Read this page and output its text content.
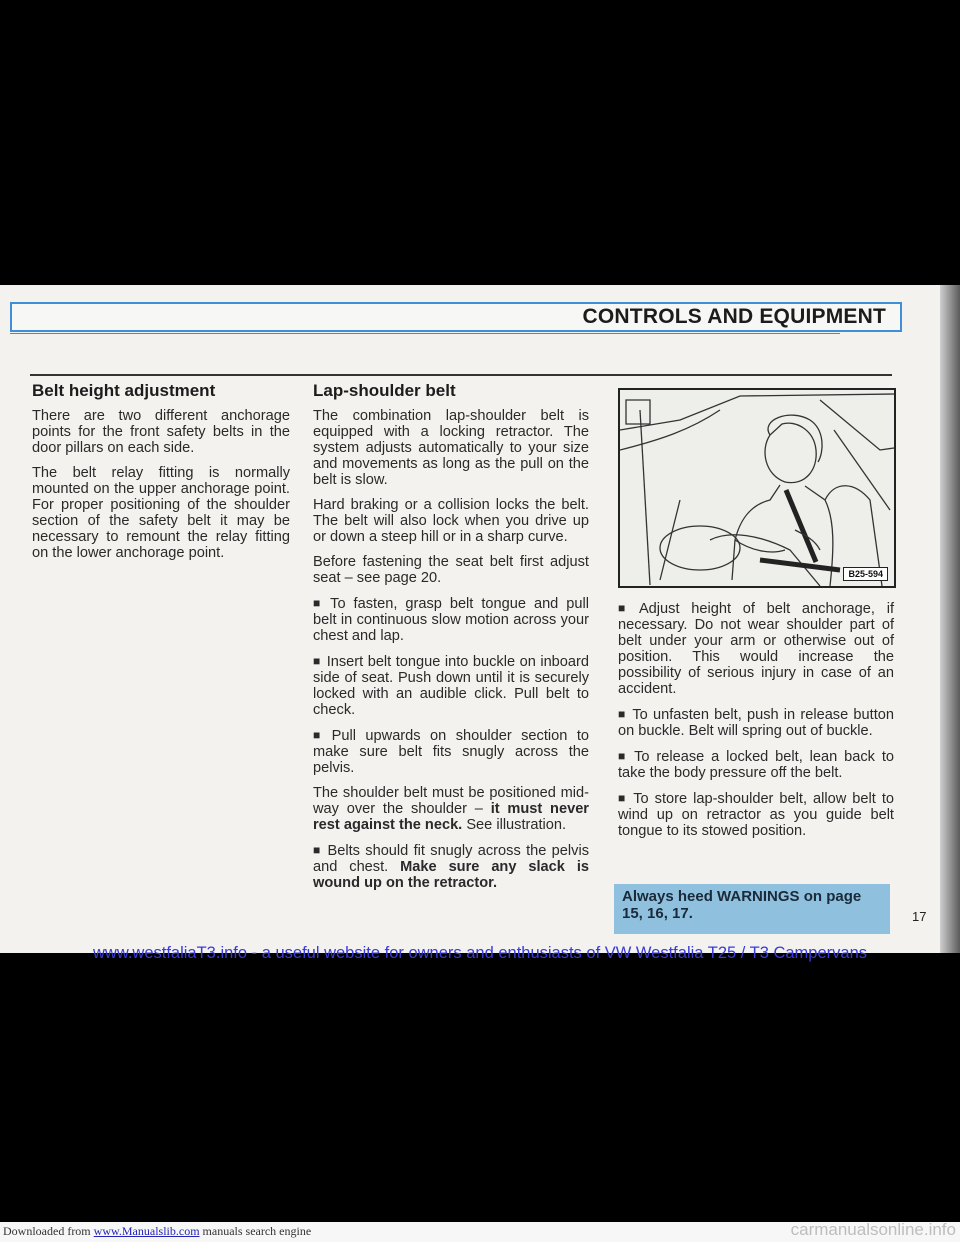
CONTROLS AND EQUIPMENT
Belt height adjustment

There are two different anchorage points for the front safety belts in the door pillars on each side.

The belt relay fitting is normally mounted on the upper anchorage point. For proper positioning of the shoulder section of the safety belt it may be necessary to remount the relay fitting on the lower anchorage point.

Lap-shoulder belt

The combination lap-shoulder belt is equipped with a locking retractor. The system adjusts automatically to your size and movements as long as the pull on the belt is slow.

Hard braking or a collision locks the belt. The belt will also lock when you drive up or down a steep hill or in a sharp curve.

Before fastening the seat belt first adjust seat – see page 20.

■ To fasten, grasp belt tongue and pull belt in continuous slow motion across your chest and lap.

■ Insert belt tongue into buckle on inboard side of seat. Push down until it is securely locked with an audible click. Pull belt to check.

■ Pull upwards on shoulder section to make sure belt fits snugly across the pelvis.

The shoulder belt must be positioned mid-way over the shoulder – it must never rest against the neck. See illustration.

■ Belts should fit snugly across the pelvis and chest. Make sure any slack is wound up on the retractor.

B25-594

■ Adjust height of belt anchorage, if necessary. Do not wear shoulder part of belt under your arm or otherwise out of position. This would increase the possibility of serious injury in case of an accident.

■ To unfasten belt, push in release button on buckle. Belt will spring out of buckle.

■ To release a locked belt, lean back to take the body pressure off the belt.

■ To store lap-shoulder belt, allow belt to wind up on retractor as you guide belt tongue to its stowed position.

Always heed WARNINGS on page 15, 16, 17.	17
www.westfaliaT3.info - a useful website for owners and enthusiasts of VW Westfalia T25 / T3 Campervans
Downloaded from www.Manualslib.com manuals search engine	carmanualsonline.info
